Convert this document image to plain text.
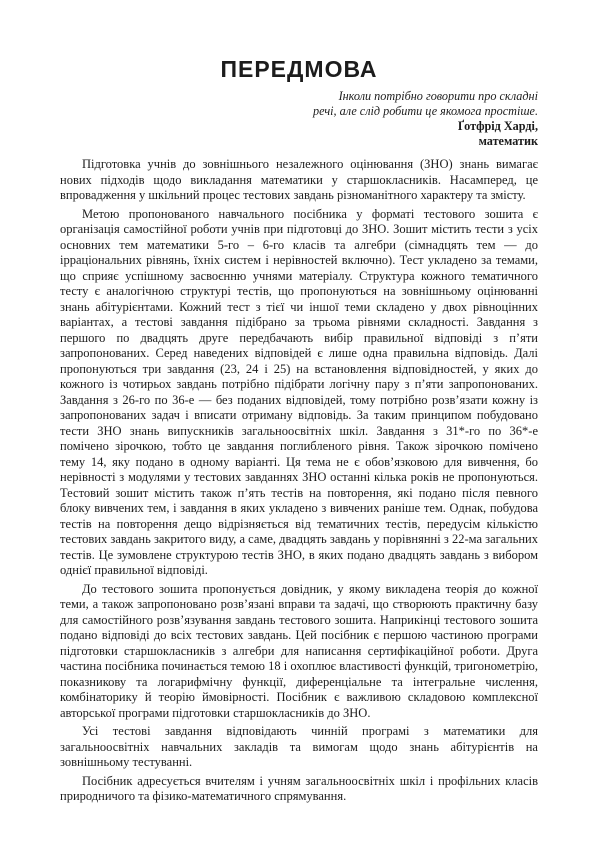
ПЕРЕДМОВА
Інколи потрібно говорити про складні
речі, але слід робити це якомога простіше.
Ґотфрід Харді,
математик

Підготовка учнів до зовнішнього незалежного оцінювання (ЗНО) знань вимагає нових підходів щодо викладання математики у старшокласників. Насамперед, це впровадження у шкільний процес тестових завдань різноманітного характеру та змісту.

Метою пропонованого навчального посібника у форматі тестового зошита є організація самостійної роботи учнів при підготовці до ЗНО. Зошит містить тести з усіх основних тем математики 5-го – 6-го класів та алгебри (сімнадцять тем — до ірраціональних рівнянь, їхніх систем і нерівностей включно). Тест укладено за темами, що сприяє успішному засвоєнню учнями матеріалу. Структура кожного тематичного тесту є аналогічною структурі тестів, що пропонуються на зовнішньому оцінюванні знань абітурієнтами. Кожний тест з тієї чи іншої теми складено у двох рівноцінних варіантах, а тестові завдання підібрано за трьома рівнями складності. Завдання з першого по двадцять друге передбачають вибір правильної відповіді з п’яти запропонованих. Серед наведених відповідей є лише одна правильна відповідь. Далі пропонуються три завдання (23, 24 і 25) на встановлення відповідностей, у яких до кожного із чотирьох завдань потрібно підібрати логічну пару з п’яти запропонованих. Завдання з 26-го по 36-е — без поданих відповідей, тому потрібно розв’язати кожну із запропонованих задач і вписати отриману відповідь. За таким принципом побудовано тести ЗНО знань випускників загальноосвітніх шкіл. Завдання з 31*-го по 36*-е помічено зірочкою, тобто це завдання поглибленого рівня. Також зірочкою помічено тему 14, яку подано в одному варіанті. Ця тема не є обов’язковою для вивчення, бо нерівності з модулями у тестових завданнях ЗНО останні кілька років не пропонуються. Тестовий зошит містить також п’ять тестів на повторення, які подано після певного блоку вивчених тем, і завдання в яких укладено з вивчених раніше тем. Однак, побудова тестів на повторення дещо відрізняється від тематичних тестів, передусім кількістю тестових завдань закритого виду, а саме, двадцять завдань у порівнянні з 22-ма загальних тестів. Це зумовлене структурою тестів ЗНО, в яких подано двадцять завдань з вибором однієї правильної відповіді.

До тестового зошита пропонується довідник, у якому викладена теорія до кожної теми, а також запропоновано розв’язані вправи та задачі, що створюють практичну базу для самостійного розв’язування завдань тестового зошита. Наприкінці тестового зошита подано відповіді до всіх тестових завдань. Цей посібник є першою частиною програми підготовки старшокласників з алгебри для написання сертифікаційної роботи. Друга частина посібника починається темою 18 і охоплює властивості функцій, тригонометрію, показникову та логарифмічну функції, диференціальне та інтегральне числення, комбінаторику й теорію ймовірності. Посібник є важливою складовою комплексної авторської програми підготовки старшокласників до ЗНО.

Усі тестові завдання відповідають чинній програмі з математики для загальноосвітніх навчальних закладів та вимогам щодо знань абітурієнтів на зовнішньому тестуванні.

Посібник адресується вчителям і учням загальноосвітніх шкіл і профільних класів природничого та фізико-математичного спрямування.
